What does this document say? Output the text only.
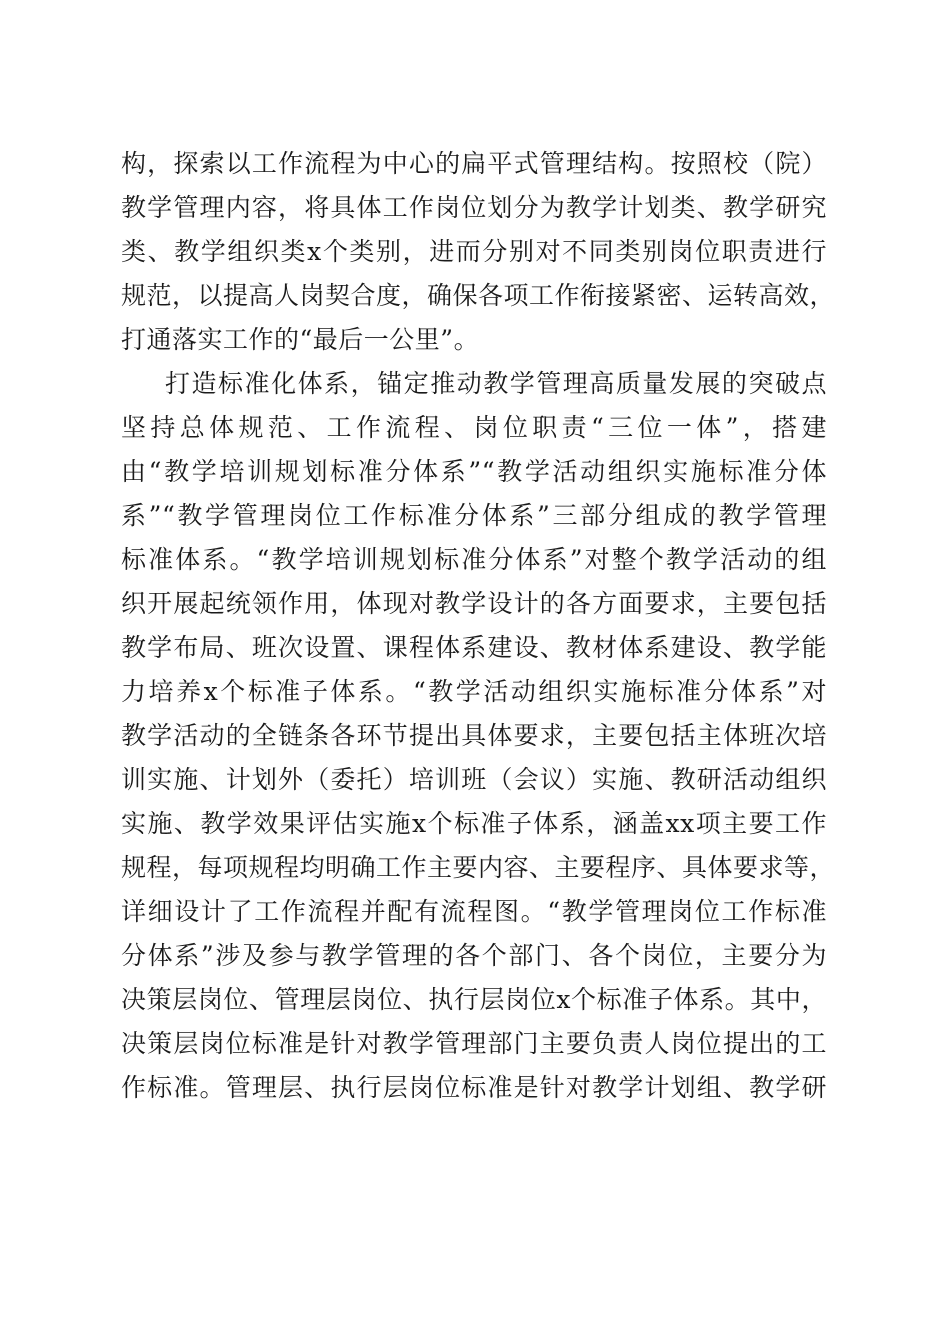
构，探索以工作流程为中心的扁平式管理结构。按照校（院）
教学管理内容，将具体工作岗位划分为教学计划类、教学研究
类、教学组织类x个类别，进而分别对不同类别岗位职责进行
规范，以提高人岗契合度，确保各项工作衔接紧密、运转高效，
打通落实工作的“最后一公里”。
打造标准化体系，锚定推动教学管理高质量发展的突破点
坚持总体规范、工作流程、岗位职责“三位一体”，搭建
由“教学培训规划标准分体系”“教学活动组织实施标准分体
系”“教学管理岗位工作标准分体系”三部分组成的教学管理
标准体系。“教学培训规划标准分体系”对整个教学活动的组
织开展起统领作用，体现对教学设计的各方面要求，主要包括
教学布局、班次设置、课程体系建设、教材体系建设、教学能
力培养x个标准子体系。“教学活动组织实施标准分体系”对
教学活动的全链条各环节提出具体要求，主要包括主体班次培
训实施、计划外（委托）培训班（会议）实施、教研活动组织
实施、教学效果评估实施x个标准子体系，涵盖xx项主要工作
规程，每项规程均明确工作主要内容、主要程序、具体要求等，
详细设计了工作流程并配有流程图。“教学管理岗位工作标准
分体系”涉及参与教学管理的各个部门、各个岗位，主要分为
决策层岗位、管理层岗位、执行层岗位x个标准子体系。其中，
决策层岗位标准是针对教学管理部门主要负责人岗位提出的工
作标准。管理层、执行层岗位标准是针对教学计划组、教学研
